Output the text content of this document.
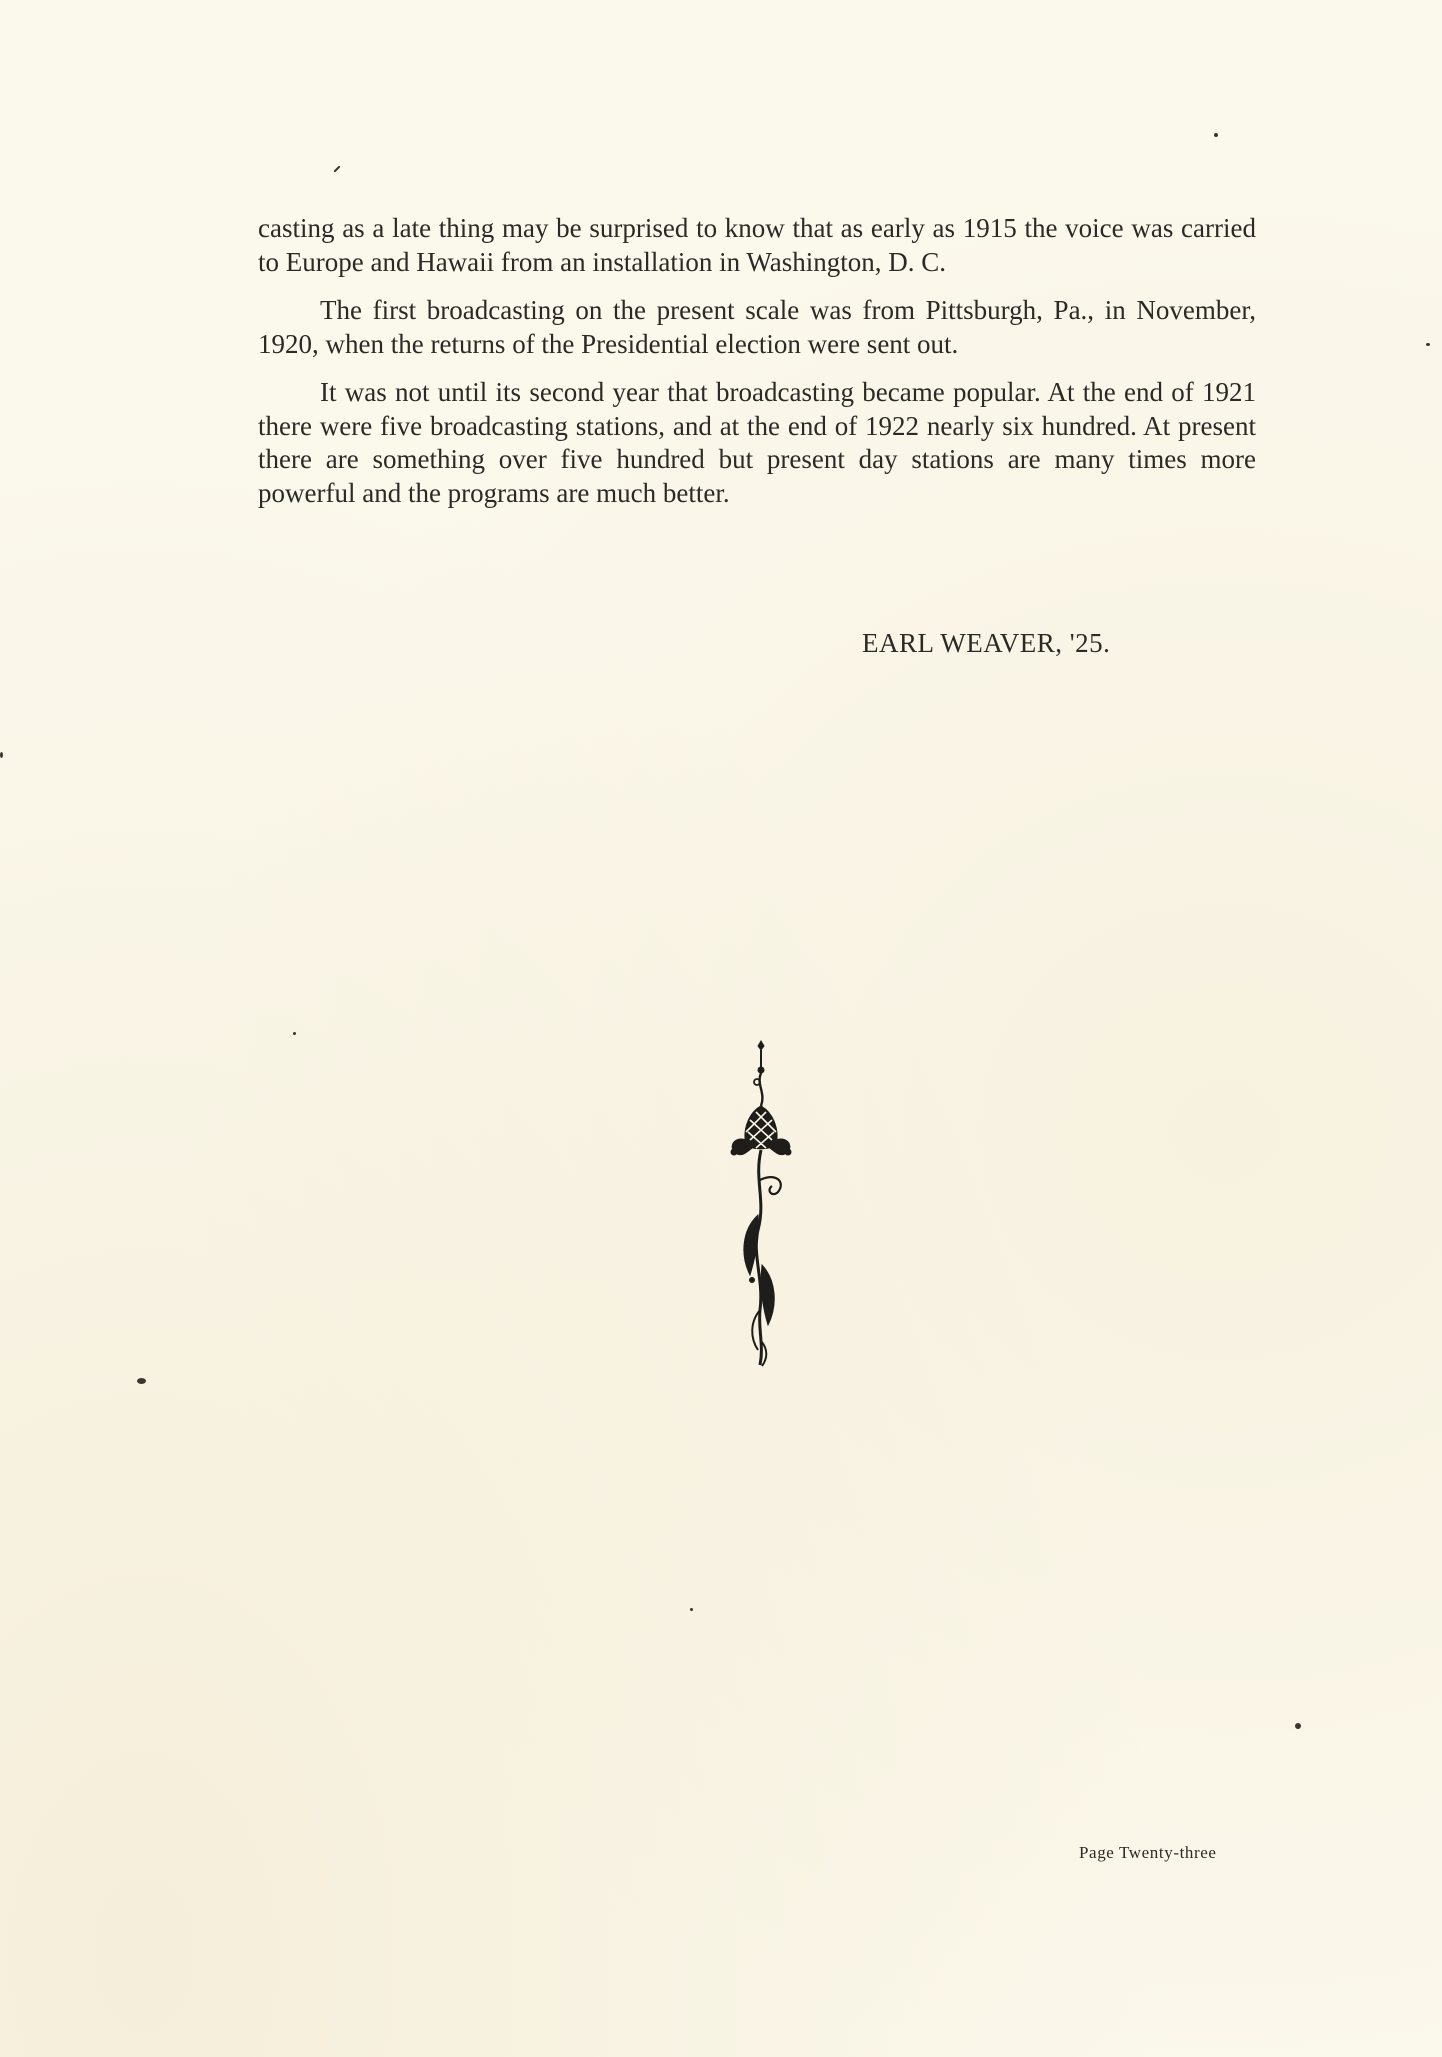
casting as a late thing may be surprised to know that as early as 1915 the voice was carried to Europe and Hawaii from an installation in Washington, D. C.

The first broadcasting on the present scale was from Pittsburgh, Pa., in November, 1920, when the returns of the Presidential election were sent out.

It was not until its second year that broadcasting became popular. At the end of 1921 there were five broadcasting stations, and at the end of 1922 nearly six hundred. At present there are something over five hundred but present day stations are many times more powerful and the programs are much better.

EARL WEAVER, '25.
Page Twenty-three
